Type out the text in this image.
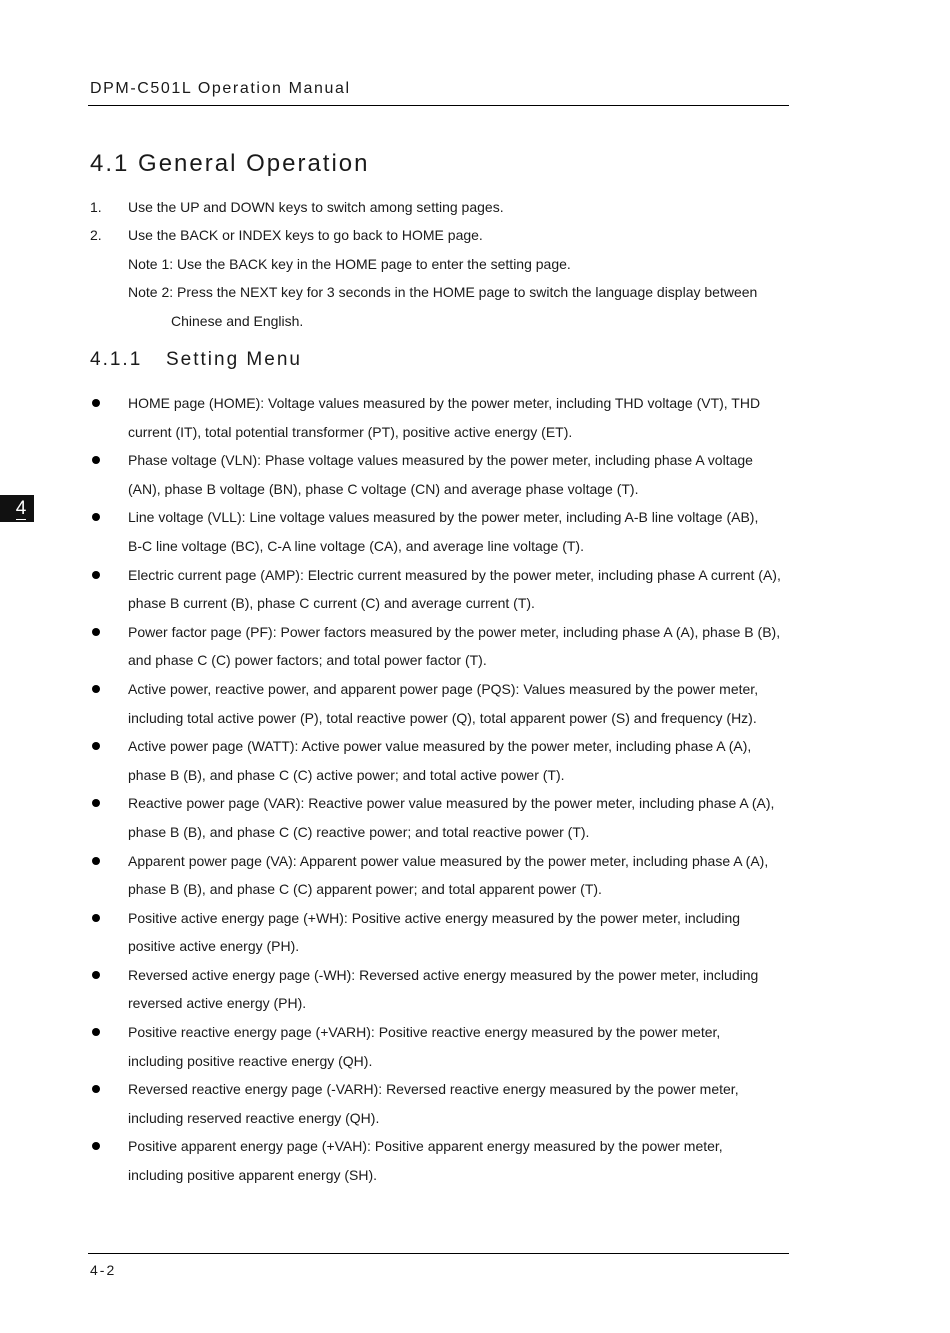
DPM-C501L Operation Manual
4
4.1 General Operation
1. Use the UP and DOWN keys to switch among setting pages.
2. Use the BACK or INDEX keys to go back to HOME page.
Note 1: Use the BACK key in the HOME page to enter the setting page.
Note 2: Press the NEXT key for 3 seconds in the HOME page to switch the language display between
Chinese and English.
4.1.1 Setting Menu
HOME page (HOME): Voltage values measured by the power meter, including THD voltage (VT), THD
current (IT), total potential transformer (PT), positive active energy (ET).
Phase voltage (VLN): Phase voltage values measured by the power meter, including phase A voltage
(AN), phase B voltage (BN), phase C voltage (CN) and average phase voltage (T).
Line voltage (VLL): Line voltage values measured by the power meter, including A-B line voltage (AB),
B-C line voltage (BC), C-A line voltage (CA), and average line voltage (T).
Electric current page (AMP): Electric current measured by the power meter, including phase A current (A),
phase B current (B), phase C current (C) and average current (T).
Power factor page (PF): Power factors measured by the power meter, including phase A (A), phase B (B),
and phase C (C) power factors; and total power factor (T).
Active power, reactive power, and apparent power page (PQS): Values measured by the power meter,
including total active power (P), total reactive power (Q), total apparent power (S) and frequency (Hz).
Active power page (WATT): Active power value measured by the power meter, including phase A (A),
phase B (B), and phase C (C) active power; and total active power (T).
Reactive power page (VAR): Reactive power value measured by the power meter, including phase A (A),
phase B (B), and phase C (C) reactive power; and total reactive power (T).
Apparent power page (VA): Apparent power value measured by the power meter, including phase A (A),
phase B (B), and phase C (C) apparent power; and total apparent power (T).
Positive active energy page (+WH): Positive active energy measured by the power meter, including
positive active energy (PH).
Reversed active energy page (-WH): Reversed active energy measured by the power meter, including
reversed active energy (PH).
Positive reactive energy page (+VARH): Positive reactive energy measured by the power meter,
including positive reactive energy (QH).
Reversed reactive energy page (-VARH): Reversed reactive energy measured by the power meter,
including reserved reactive energy (QH).
Positive apparent energy page (+VAH): Positive apparent energy measured by the power meter,
including positive apparent energy (SH).
4-2
